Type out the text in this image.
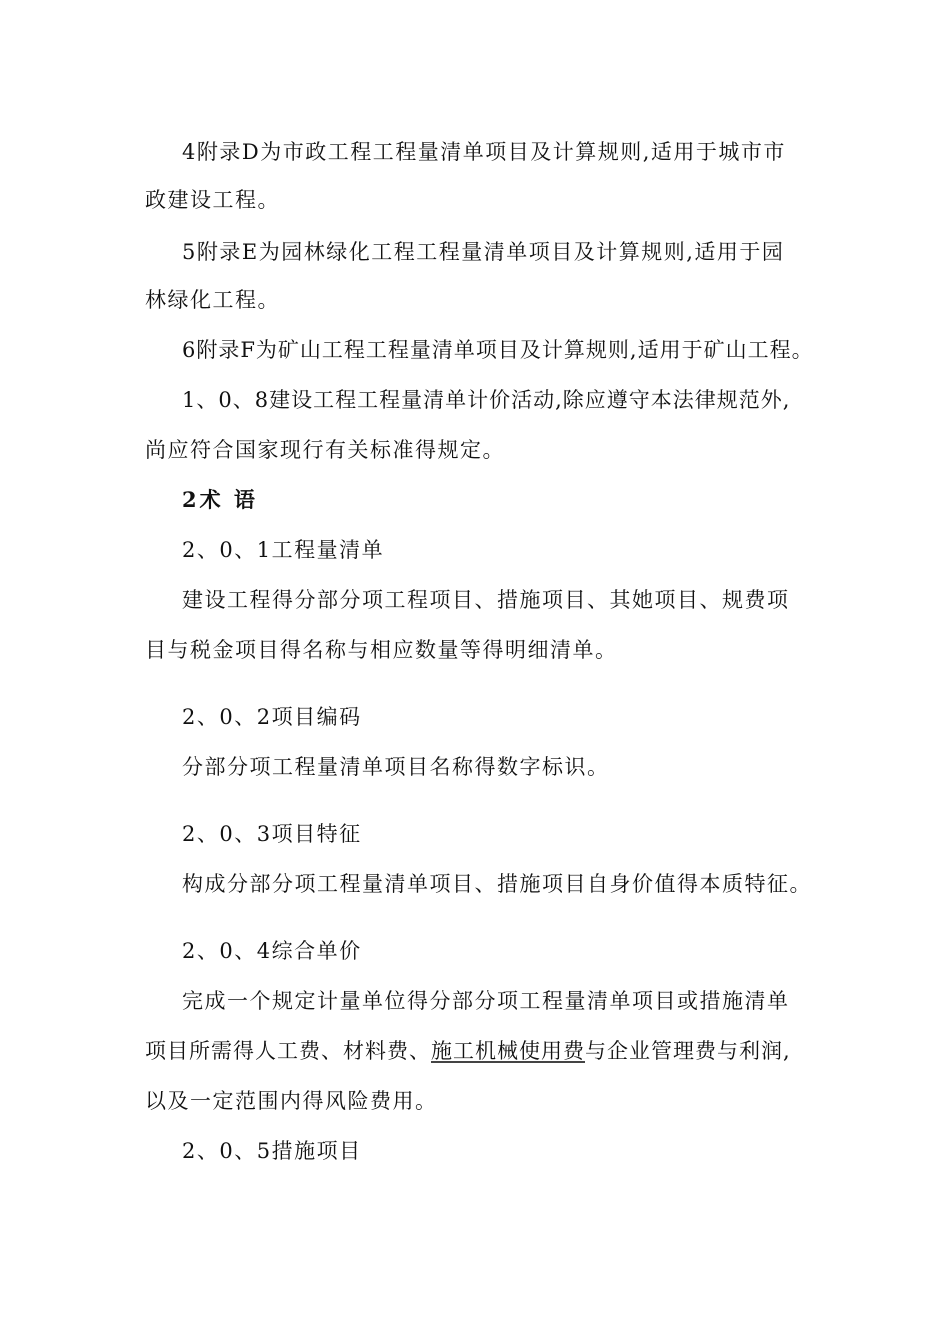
4附录D为市政工程工程量清单项目及计算规则,适用于城市市
政建设工程。
5附录E为园林绿化工程工程量清单项目及计算规则,适用于园
林绿化工程。
6附录F为矿山工程工程量清单项目及计算规则,适用于矿山工程。
1、0、8建设工程工程量清单计价活动,除应遵守本法律规范外,
尚应符合国家现行有关标准得规定。
2术 语
2、0、1工程量清单
建设工程得分部分项工程项目、措施项目、其她项目、规费项
目与税金项目得名称与相应数量等得明细清单。
2、0、2项目编码
分部分项工程量清单项目名称得数字标识。
2、0、3项目特征
构成分部分项工程量清单项目、措施项目自身价值得本质特征。
2、0、4综合单价
完成一个规定计量单位得分部分项工程量清单项目或措施清单
项目所需得人工费、材料费、施工机械使用费与企业管理费与利润,
以及一定范围内得风险费用。
2、0、5措施项目
